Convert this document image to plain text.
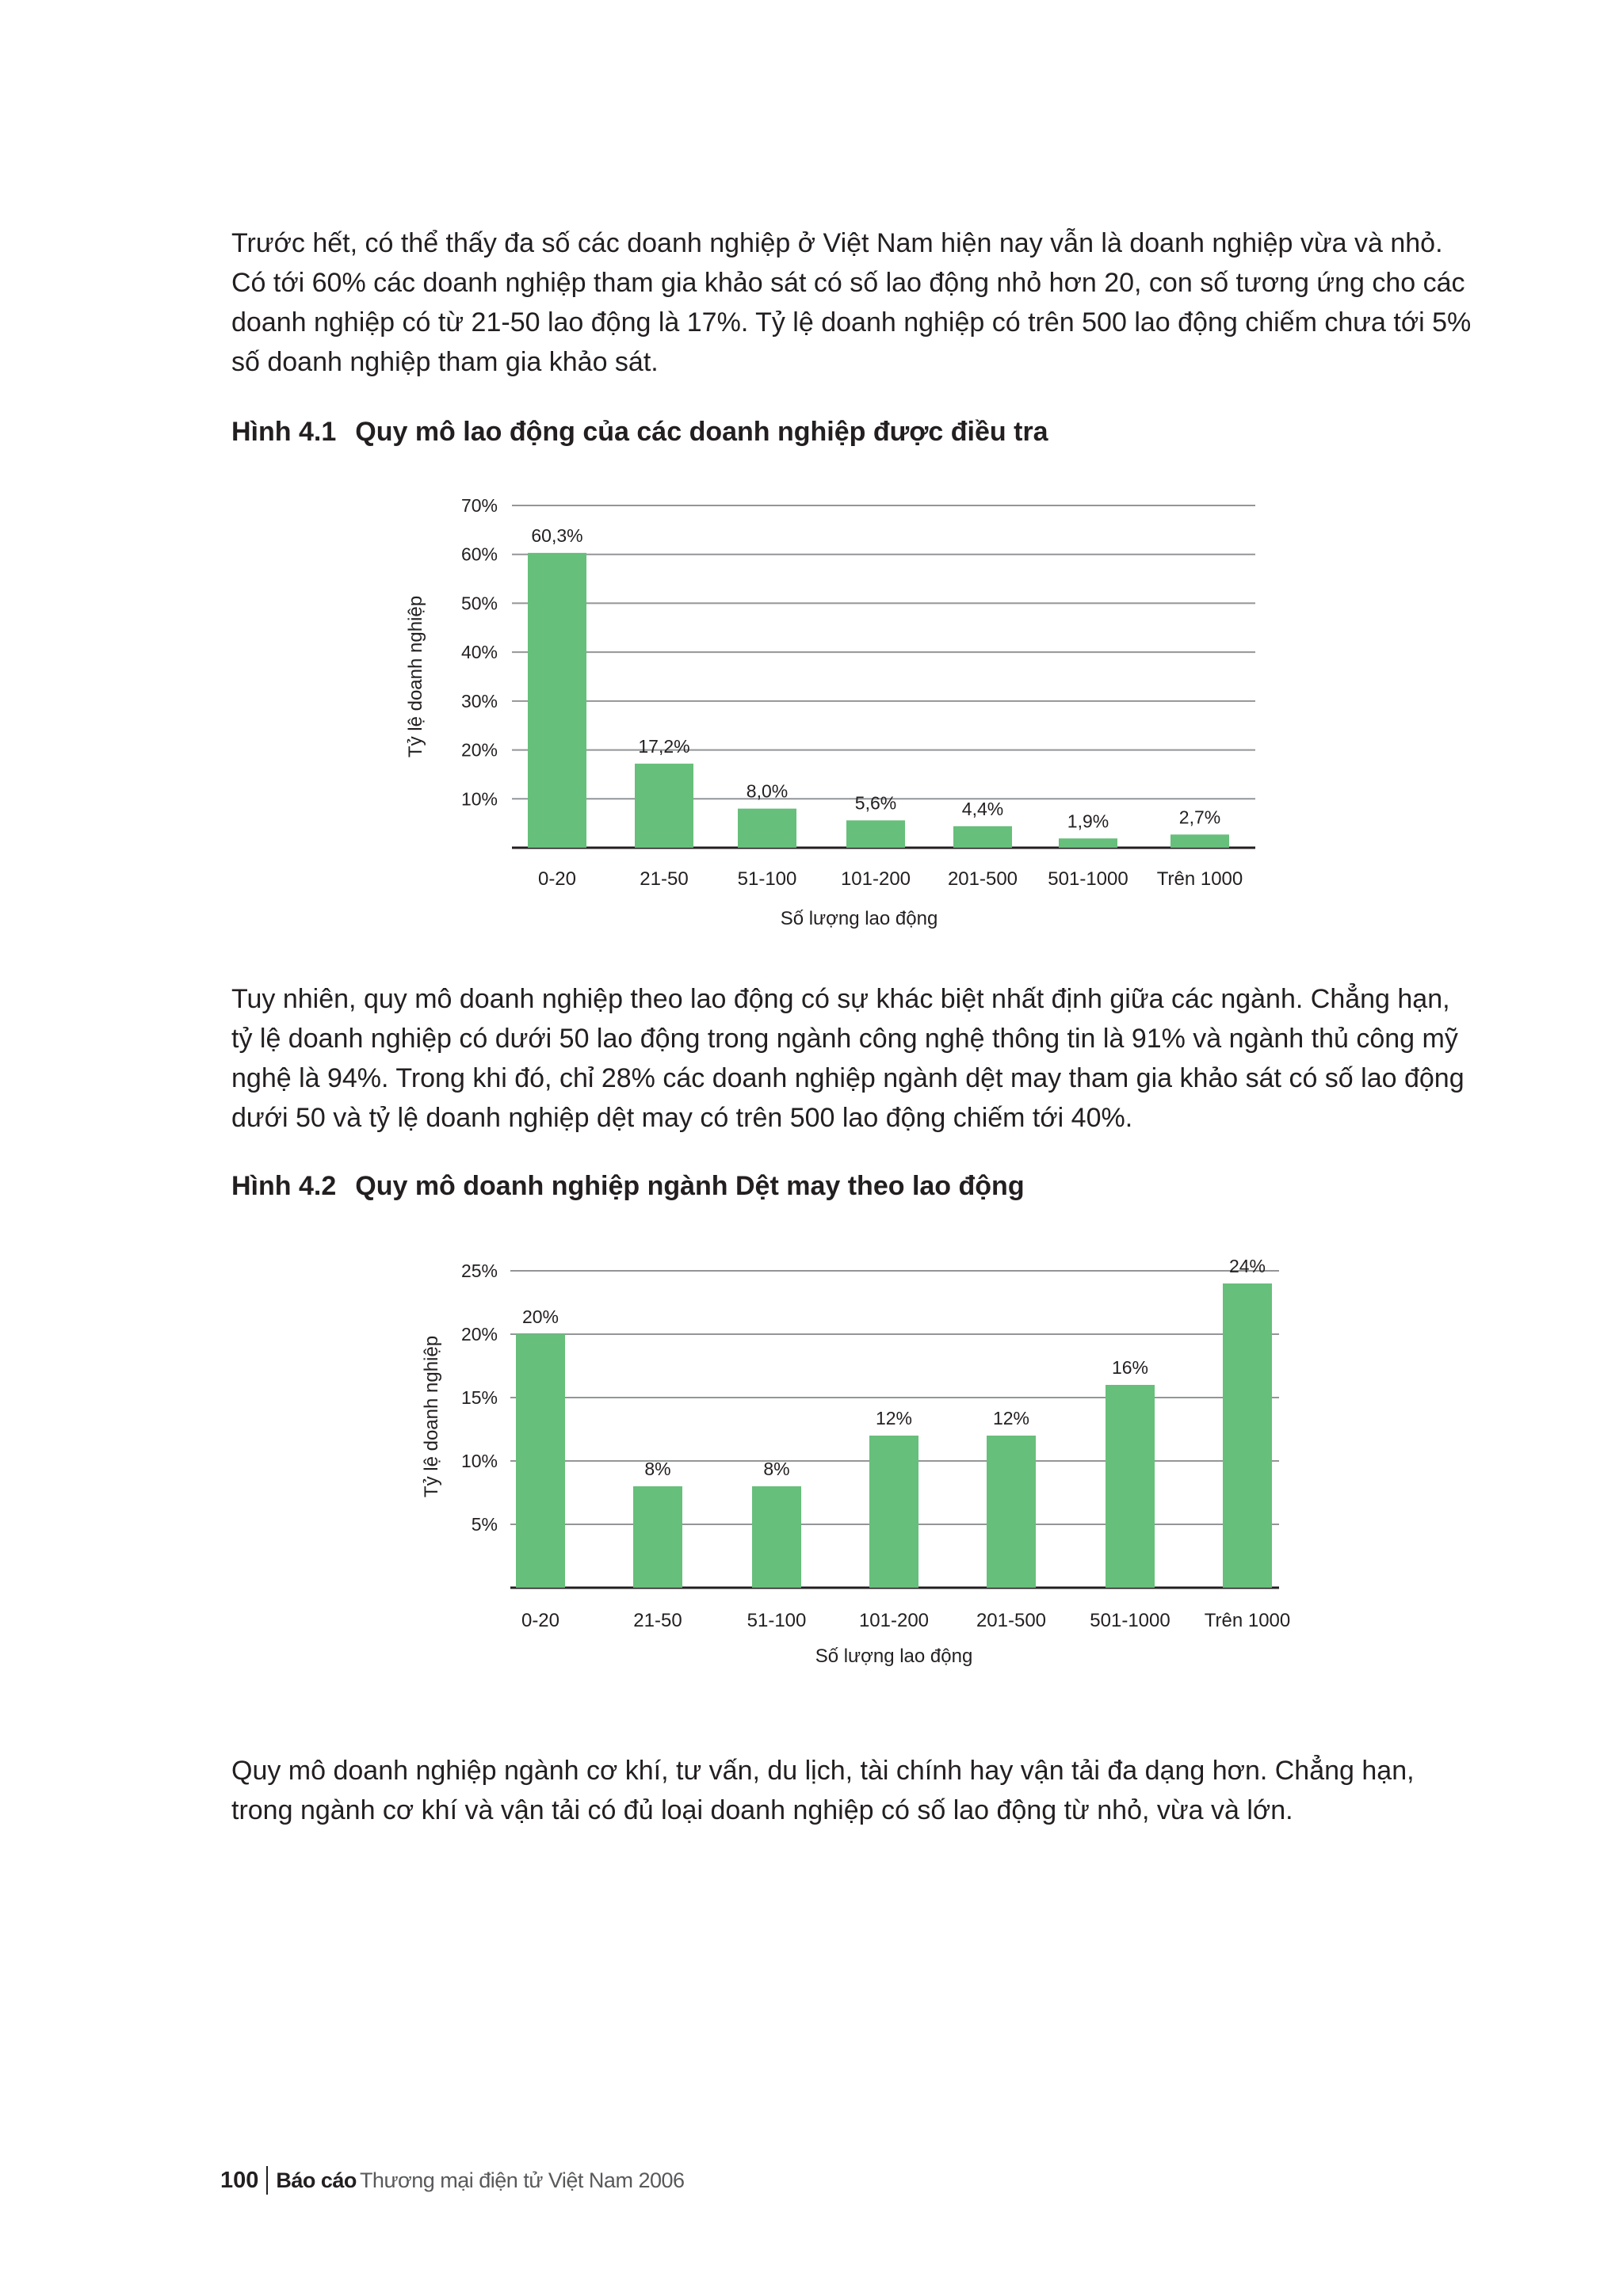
Trước hết, có thể thấy đa số các doanh nghiệp ở Việt Nam hiện nay vẫn là doanh nghiệp vừa và nhỏ. Có tới 60% các doanh nghiệp tham gia khảo sát có số lao động nhỏ hơn 20, con số tương ứng cho các doanh nghiệp có từ 21-50 lao động là 17%. Tỷ lệ doanh nghiệp có trên 500 lao động chiếm chưa tới 5% số doanh nghiệp tham gia khảo sát.

Hình 4.1 Quy mô lao động của các doanh nghiệp được điều tra
10%
20%
30%
40%
50%
60%
70%
60,3%
0-20
17,2%
21-50
8,0%
51-100
5,6%
101-200
4,4%
201-500
1,9%
501-1000
2,7%
Trên 1000
Số lượng lao động
Tỷ lệ doanh nghiệp

Tuy nhiên, quy mô doanh nghiệp theo lao động có sự khác biệt nhất định giữa các ngành. Chẳng hạn, tỷ lệ doanh nghiệp có dưới 50 lao động trong ngành công nghệ thông tin là 91% và ngành thủ công mỹ nghệ là 94%. Trong khi đó, chỉ 28% các doanh nghiệp ngành dệt may tham gia khảo sát có số lao động dưới 50 và tỷ lệ doanh nghiệp dệt may có trên 500 lao động chiếm tới 40%.

Hình 4.2 Quy mô doanh nghiệp ngành Dệt may theo lao động
5%
10%
15%
20%
25%
20%
0-20
8%
21-50
8%
51-100
12%
101-200
12%
201-500
16%
501-1000
24%
Trên 1000
Số lượng lao động
Tỷ lệ doanh nghiệp

Quy mô doanh nghiệp ngành cơ khí, tư vấn, du lịch, tài chính hay vận tải đa dạng hơn. Chẳng hạn, trong ngành cơ khí và vận tải có đủ loại doanh nghiệp có số lao động từ nhỏ, vừa và lớn.

100 Báo cáo Thương mại điện tử Việt Nam 2006
